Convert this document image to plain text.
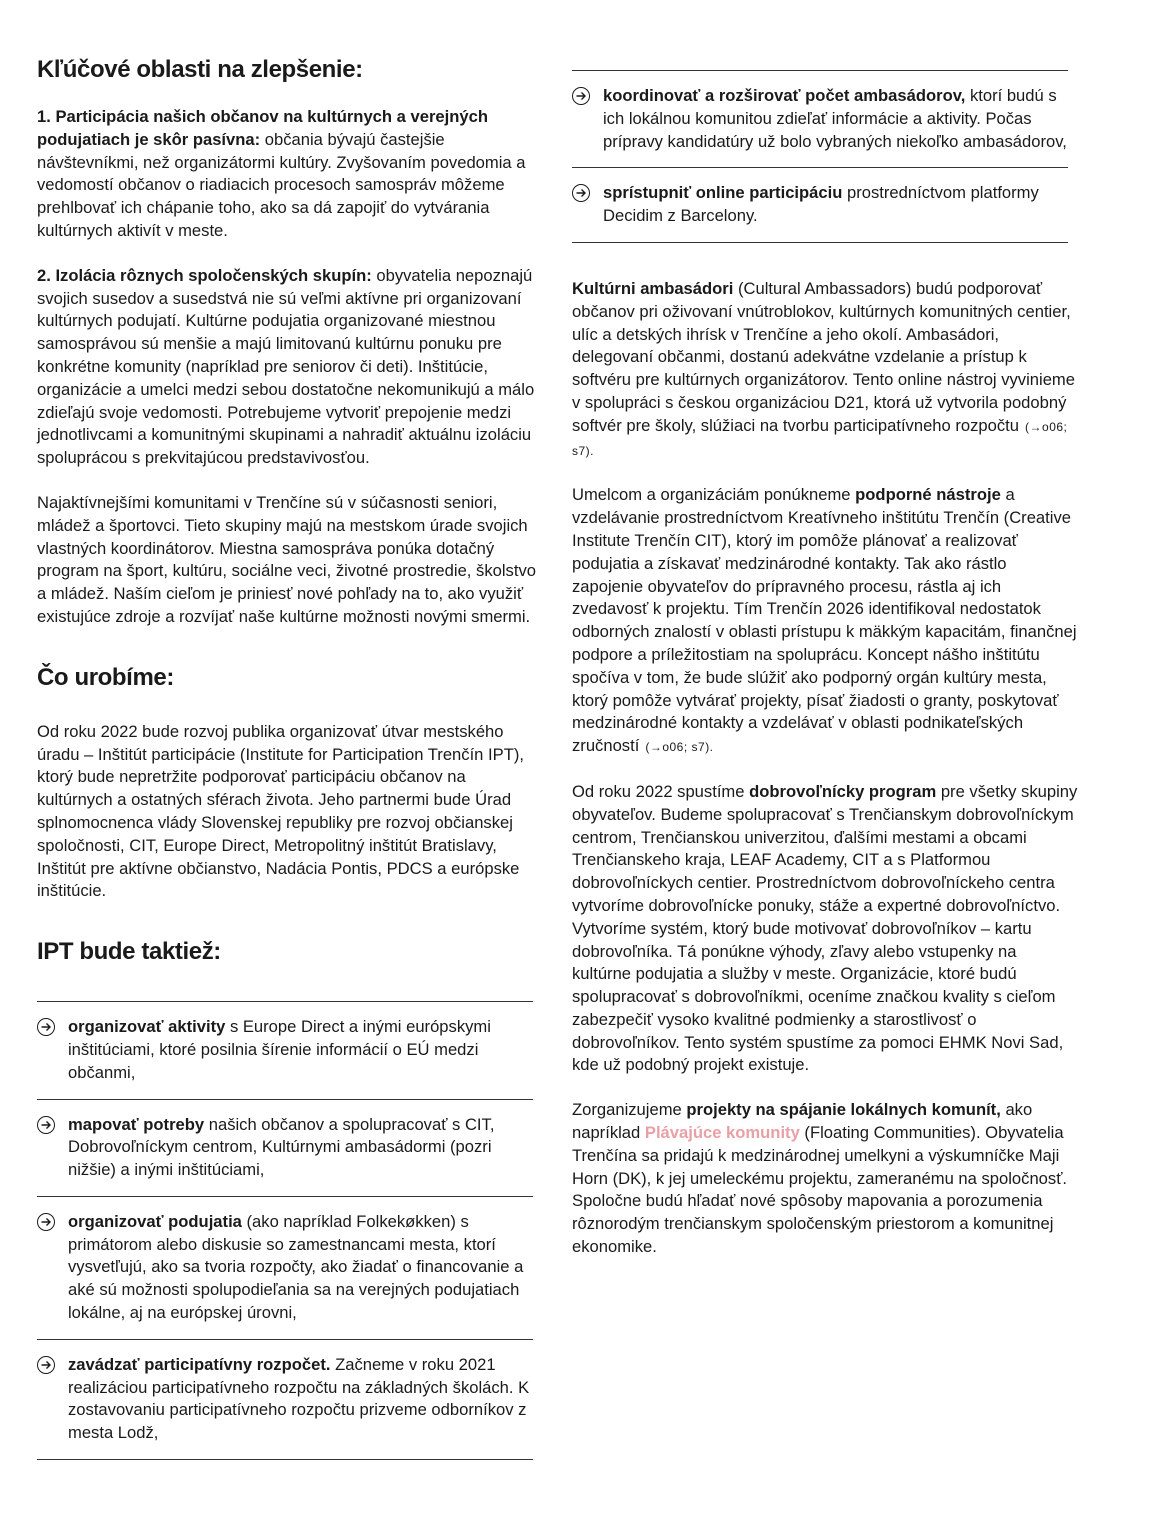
Kľúčové oblasti na zlepšenie:

1. Participácia našich občanov na kultúrnych a verejných podujatiach je skôr pasívna: občania bývajú častejšie návštevníkmi, než organizátormi kultúry. Zvyšovaním povedomia a vedomostí občanov o riadiacich procesoch samospráv môžeme prehlbovať ich chápanie toho, ako sa dá zapojiť do vytvárania kultúrnych aktivít v meste.

2. Izolácia rôznych spoločenských skupín: obyvatelia nepoznajú svojich susedov a susedstvá nie sú veľmi aktívne pri organizovaní kultúrnych podujatí. Kultúrne podujatia organizované miestnou samosprávou sú menšie a majú limitovanú kultúrnu ponuku pre konkrétne komunity (napríklad pre seniorov či deti). Inštitúcie, organizácie a umelci medzi sebou dostatočne nekomunikujú a málo zdieľajú svoje vedomosti. Potrebujeme vytvoriť prepojenie medzi jednotlivcami a komunitnými skupinami a nahradiť aktuálnu izoláciu spoluprácou s prekvitajúcou predstavivosťou.

Najaktívnejšími komunitami v Trenčíne sú v súčasnosti seniori, mládež a športovci. Tieto skupiny majú na mestskom úrade svojich vlastných koordinátorov. Miestna samospráva ponúka dotačný program na šport, kultúru, sociálne veci, životné prostredie, školstvo a mládež. Naším cieľom je priniesť nové pohľady na to, ako využiť existujúce zdroje a rozvíjať naše kultúrne možnosti novými smermi.

Čo urobíme:

Od roku 2022 bude rozvoj publika organizovať útvar mestského úradu – Inštitút participácie (Institute for Participation Trenčín IPT), ktorý bude nepretržite podporovať participáciu občanov na kultúrnych a ostatných sférach života. Jeho partnermi bude Úrad splnomocnenca vlády Slovenskej republiky pre rozvoj občianskej spoločnosti, CIT, Europe Direct, Metropolitný inštitút Bratislavy, Inštitút pre aktívne občianstvo, Nadácia Pontis, PDCS a európske inštitúcie.

IPT bude taktiež:
organizovať aktivity s Europe Direct a inými európskymi inštitúciami, ktoré posilnia šírenie informácií o EÚ medzi občanmi,
mapovať potreby našich občanov a spolupracovať s CIT, Dobrovoľníckym centrom, Kultúrnymi ambasádormi (pozri nižšie) a inými inštitúciami,
organizovať podujatia (ako napríklad Folkekøkken) s primátorom alebo diskusie so zamestnancami mesta, ktorí vysvetľujú, ako sa tvoria rozpočty, ako žiadať o financovanie a aké sú možnosti spolupodieľania sa na verejných podujatiach lokálne, aj na európskej úrovni,
zavádzať participatívny rozpočet. Začneme v roku 2021 realizáciou participatívneho rozpočtu na základných školách. K zostavovaniu participatívneho rozpočtu prizveme odborníkov z mesta Lodž,
koordinovať a rozširovať počet ambasádorov, ktorí budú s ich lokálnou komunitou zdieľať informácie a aktivity. Počas prípravy kandidatúry už bolo vybraných niekoľko ambasádorov,
sprístupniť online participáciu prostredníctvom platformy Decidim z Barcelony.

Kultúrni ambasádori (Cultural Ambassadors) budú podporovať občanov pri oživovaní vnútroblokov, kultúrnych komunitných centier, ulíc a detských ihrísk v Trenčíne a jeho okolí. Ambasádori, delegovaní občanmi, dostanú adekvátne vzdelanie a prístup k softvéru pre kultúrnych organizátorov. Tento online nástroj vyvinieme v spolupráci s českou organizáciou D21, ktorá už vytvorila podobný softvér pre školy, slúžiaci na tvorbu participatívneho rozpočtu (→o06; s7).

Umelcom a organizáciám ponúkneme podporné nástroje a vzdelávanie prostredníctvom Kreatívneho inštitútu Trenčín (Creative Institute Trenčín CIT), ktorý im pomôže plánovať a realizovať podujatia a získavať medzinárodné kontakty. Tak ako rástlo zapojenie obyvateľov do prípravného procesu, rástla aj ich zvedavosť k projektu. Tím Trenčín 2026 identifikoval nedostatok odborných znalostí v oblasti prístupu k mäkkým kapacitám, finančnej podpore a príležitostiam na spoluprácu. Koncept nášho inštitútu spočíva v tom, že bude slúžiť ako podporný orgán kultúry mesta, ktorý pomôže vytvárať projekty, písať žiadosti o granty, poskytovať medzinárodné kontakty a vzdelávať v oblasti podnikateľských zručností (→o06; s7).

Od roku 2022 spustíme dobrovoľnícky program pre všetky skupiny obyvateľov. Budeme spolupracovať s Trenčianskym dobrovoľníckym centrom, Trenčianskou univerzitou, ďalšími mestami a obcami Trenčianskeho kraja, LEAF Academy, CIT a s Platformou dobrovoľníckych centier. Prostredníctvom dobrovoľníckeho centra vytvoríme dobrovoľnícke ponuky, stáže a expertné dobrovoľníctvo. Vytvoríme systém, ktorý bude motivovať dobrovoľníkov – kartu dobrovoľníka. Tá ponúkne výhody, zľavy alebo vstupenky na kultúrne podujatia a služby v meste. Organizácie, ktoré budú spolupracovať s dobrovoľníkmi, oceníme značkou kvality s cieľom zabezpečiť vysoko kvalitné podmienky a starostlivosť o dobrovoľníkov. Tento systém spustíme za pomoci EHMK Novi Sad, kde už podobný projekt existuje.

Zorganizujeme projekty na spájanie lokálnych komunít, ako napríklad Plávajúce komunity (Floating Communities). Obyvatelia Trenčína sa pridajú k medzinárodnej umelkyni a výskumníčke Maji Horn (DK), k jej umeleckému projektu, zameranému na spoločnosť. Spoločne budú hľadať nové spôsoby mapovania a porozumenia rôznorodým trenčianskym spoločenským priestorom a komunitnej ekonomike.
